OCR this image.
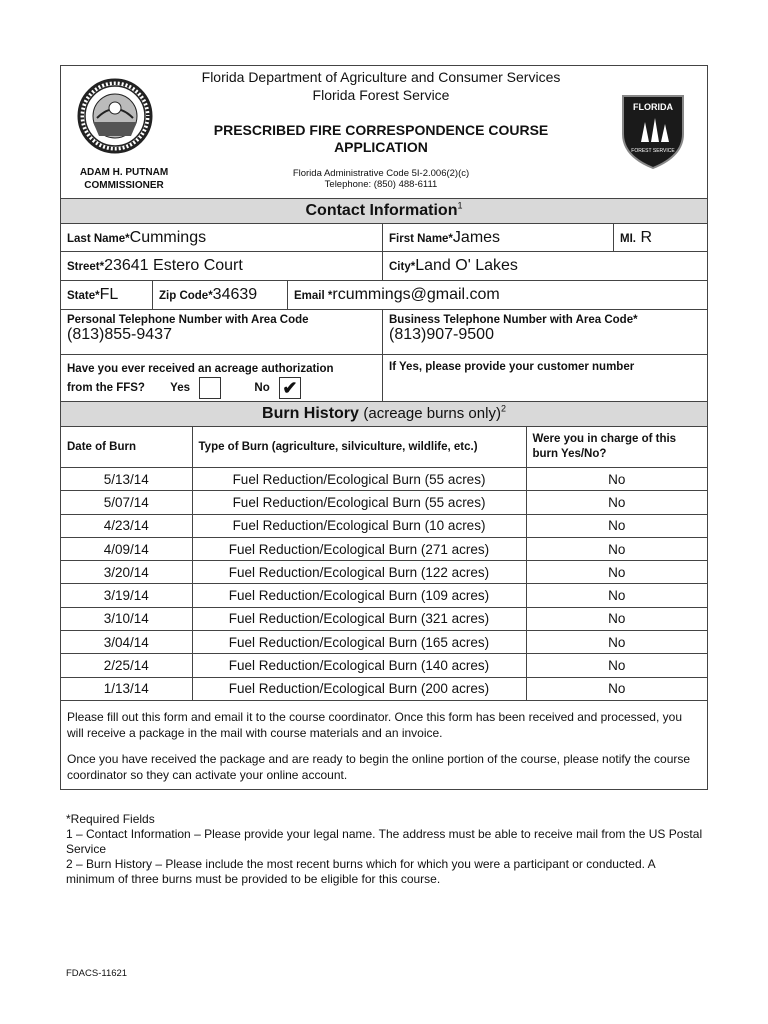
ADAM H. PUTNAM
COMMISSIONER
Florida Department of Agriculture and Consumer Services
Florida Forest Service
PRESCRIBED FIRE CORRESPONDENCE COURSE
APPLICATION
Florida Administrative Code 5I-2.006(2)(c)
Telephone: (850) 488-6111
FLORIDA
FOREST SERVICE
Contact Information$^1$
Last Name*Cummings	First Name*James	MI. R
Street*23641 Estero Court	City*Land O' Lakes
State*FL	Zip Code*34639	Email *rcummings@gmail.com
Personal Telephone Number with Area Code
(813)855-9437
Business Telephone Number with Area Code*
(813)907-9500
Have you ever received an acreage authorization
from the FFS? Yes	No ✔
If Yes, please provide your customer number
Burn History (acreage burns only)$^2$
Date of Burn	Type of Burn (agriculture, silviculture, wildlife, etc.)	Were you in charge of this
burn Yes/No?

5/13/14	Fuel Reduction/Ecological Burn (55 acres)	No
5/07/14	Fuel Reduction/Ecological Burn (55 acres)	No
4/23/14	Fuel Reduction/Ecological Burn (10 acres)	No
4/09/14	Fuel Reduction/Ecological Burn (271 acres)	No
3/20/14	Fuel Reduction/Ecological Burn (122 acres)	No
3/19/14	Fuel Reduction/Ecological Burn (109 acres)	No
3/10/14	Fuel Reduction/Ecological Burn (321 acres)	No
3/04/14	Fuel Reduction/Ecological Burn (165 acres)	No
2/25/14	Fuel Reduction/Ecological Burn (140 acres)	No
1/13/14	Fuel Reduction/Ecological Burn (200 acres)	No

Please fill out this form and email it to the course coordinator. Once this form has been received and processed, you will receive a package in the mail with course materials and an invoice.

Once you have received the package and are ready to begin the online portion of the course, please notify the course coordinator so they can activate your online account.

*Required Fields

1 – Contact Information – Please provide your legal name. The address must be able to receive mail from the US Postal Service

2 – Burn History – Please include the most recent burns which for which you were a participant or conducted. A minimum of three burns must be provided to be eligible for this course.

FDACS-11621
